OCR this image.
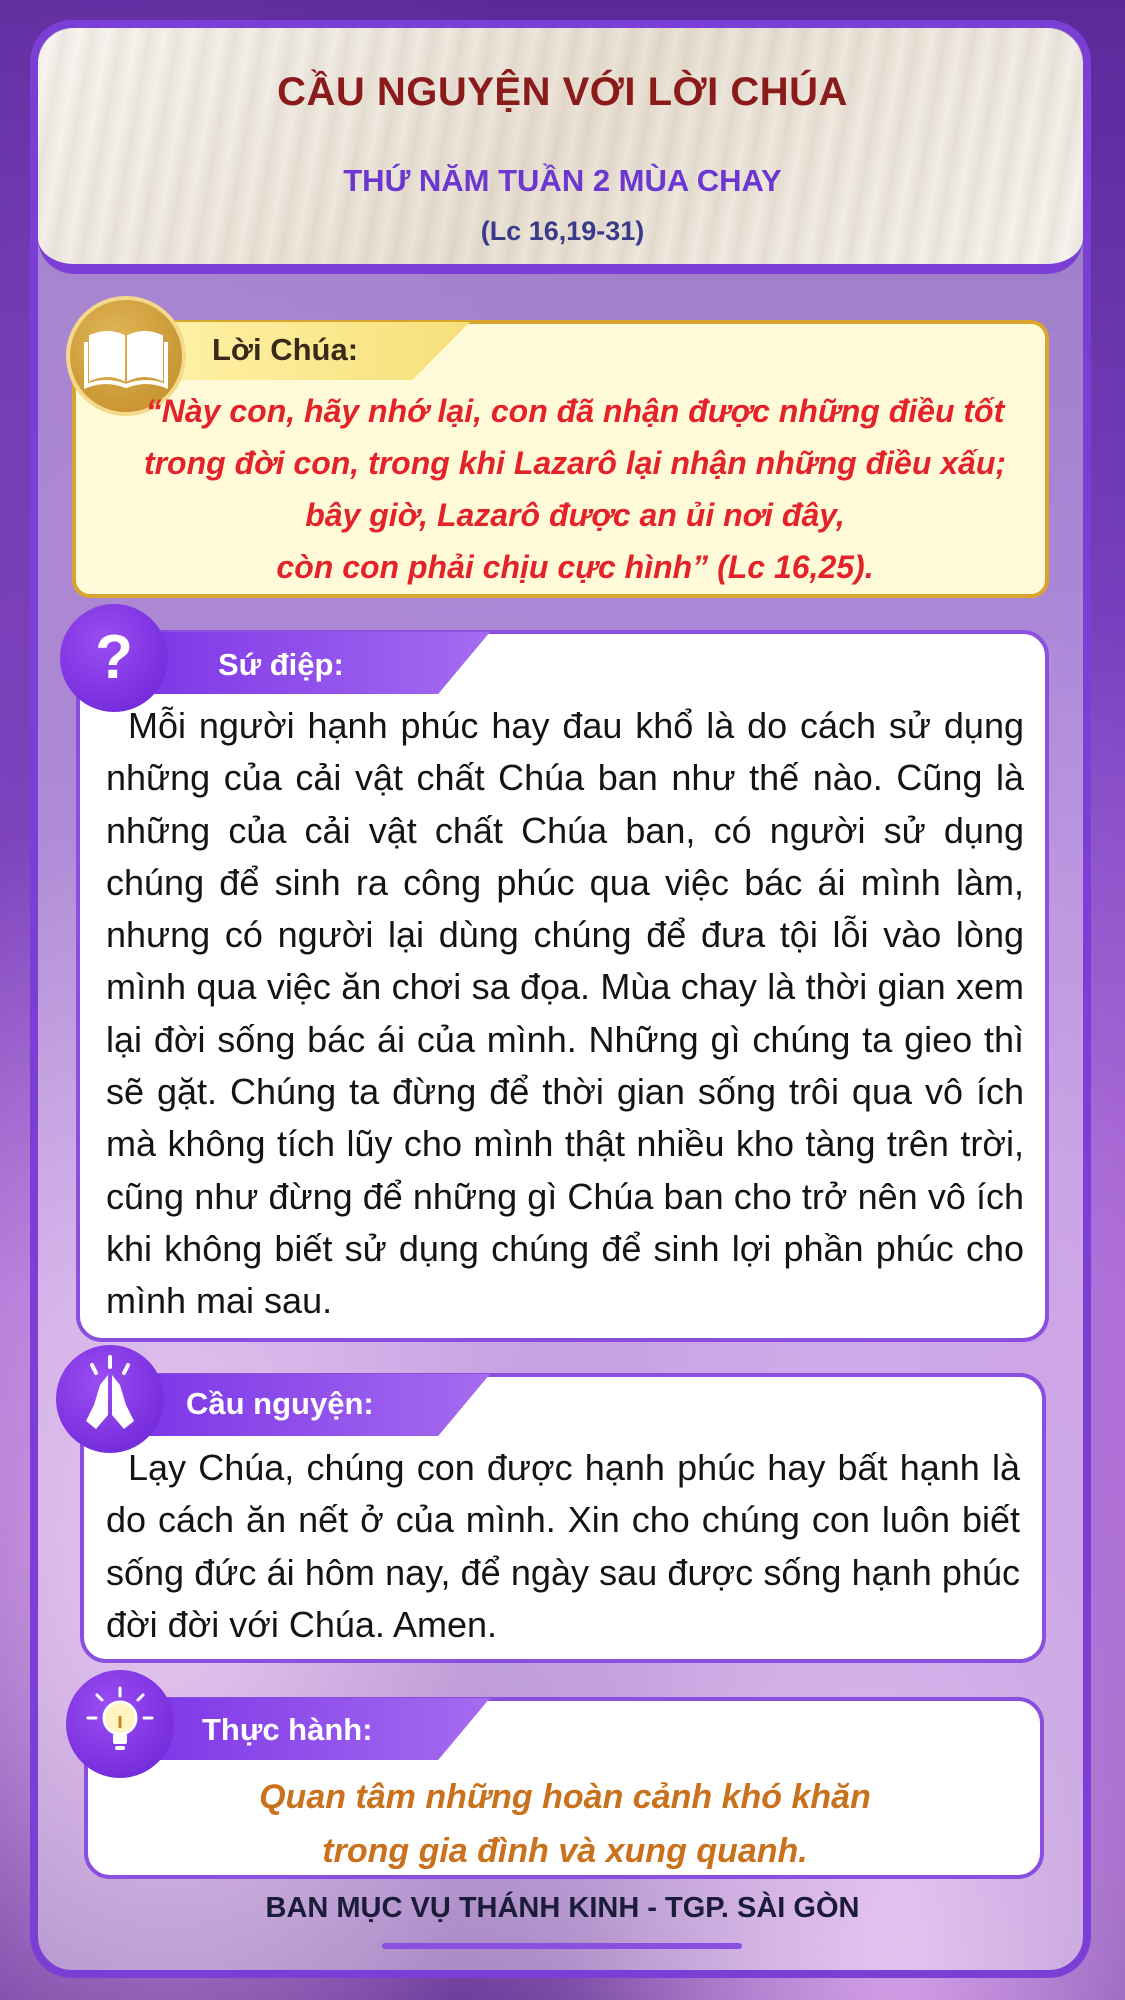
CẦU NGUYỆN VỚI LỜI CHÚA
THỨ NĂM TUẦN 2 MÙA CHAY
(Lc 16,19-31)
Lời Chúa:
“Này con, hãy nhớ lại, con đã nhận được những điều tốt
trong đời con, trong khi Lazarô lại nhận những điều xấu;
bây giờ, Lazarô được an ủi nơi đây,
còn con phải chịu cực hình” (Lc 16,25).
Sứ điệp:
?
Mỗi người hạnh phúc hay đau khổ là do cách sử dụng những của cải vật chất Chúa ban như thế nào. Cũng là những của cải vật chất Chúa ban, có người sử dụng chúng để sinh ra công phúc qua việc bác ái mình làm, nhưng có người lại dùng chúng để đưa tội lỗi vào lòng mình qua việc ăn chơi sa đọa. Mùa chay là thời gian xem lại đời sống bác ái của mình. Những gì chúng ta gieo thì sẽ gặt. Chúng ta đừng để thời gian sống trôi qua vô ích mà không tích lũy cho mình thật nhiều kho tàng trên trời, cũng như đừng để những gì Chúa ban cho trở nên vô ích khi không biết sử dụng chúng để sinh lợi phần phúc cho mình mai sau.
Cầu nguyện:
Lạy Chúa, chúng con được hạnh phúc hay bất hạnh là do cách ăn nết ở của mình. Xin cho chúng con luôn biết sống đức ái hôm nay, để ngày sau được sống hạnh phúc đời đời với Chúa. Amen.
Thực hành:
Quan tâm những hoàn cảnh khó khăn
trong gia đình và xung quanh.
BAN MỤC VỤ THÁNH KINH - TGP. SÀI GÒN
